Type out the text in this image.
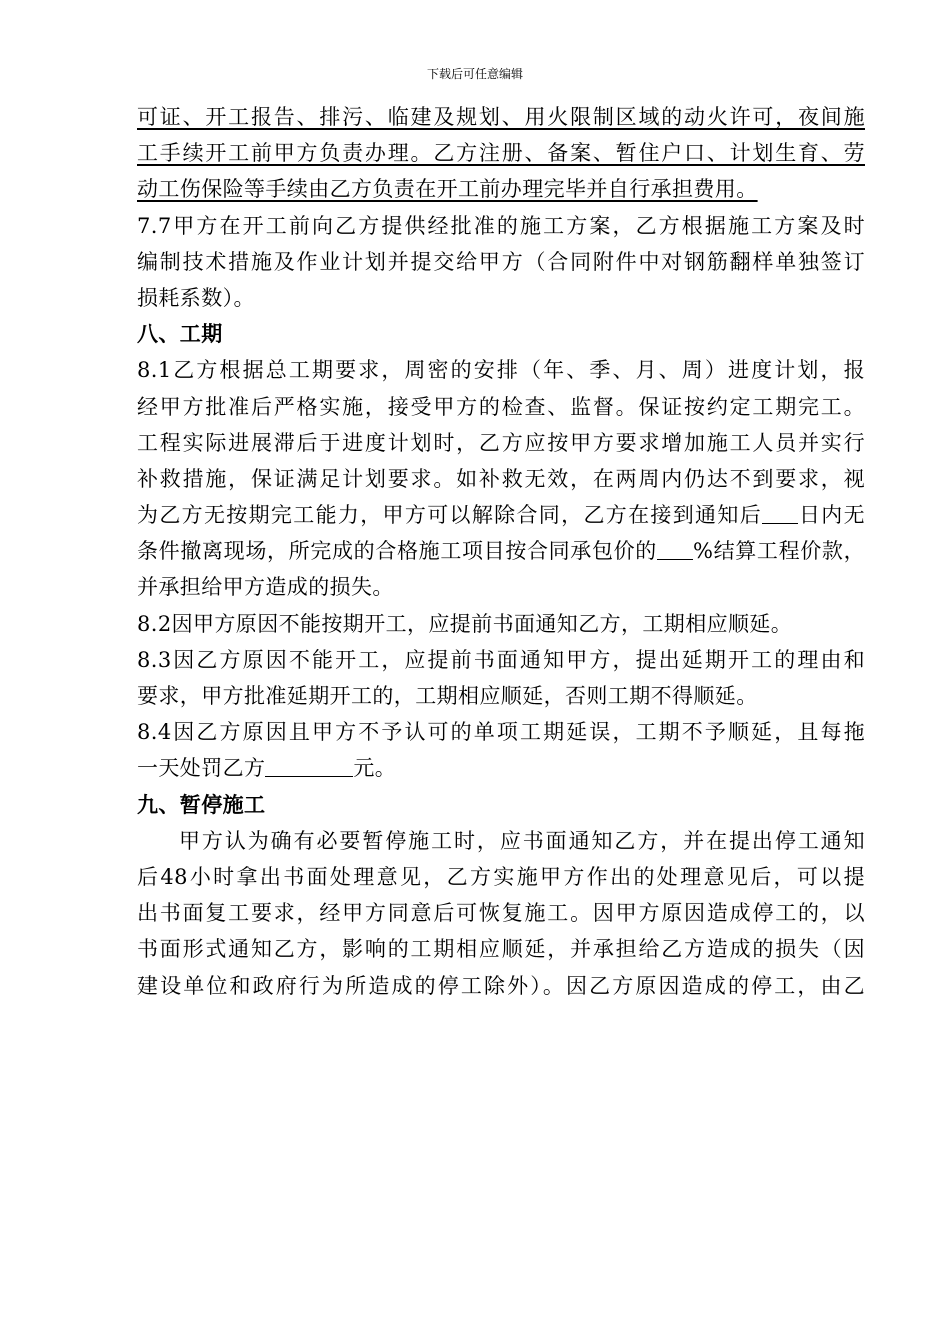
下载后可任意编辑
可证、开工报告、排污、临建及规划、用火限制区域的动火许可，夜间施
工手续开工前甲方负责办理。乙方注册、备案、暂住户口、计划生育、劳
动工伤保险等手续由乙方负责在开工前办理完毕并自行承担费用。
7.7甲方在开工前向乙方提供经批准的施工方案，乙方根据施工方案及时
编制技术措施及作业计划并提交给甲方（合同附件中对钢筋翻样单独签订
损耗系数）。
八、工期
8.1乙方根据总工期要求，周密的安排（年、季、月、周）进度计划，报
经甲方批准后严格实施，接受甲方的检查、监督。保证按约定工期完工。
工程实际进展滞后于进度计划时，乙方应按甲方要求增加施工人员并实行
补救措施，保证满足计划要求。如补救无效，在两周内仍达不到要求，视
为乙方无按期完工能力，甲方可以解除合同，乙方在接到通知后 日内无
条件撤离现场，所完成的合格施工项目按合同承包价的 %结算工程价款，
并承担给甲方造成的损失。
8.2因甲方原因不能按期开工，应提前书面通知乙方，工期相应顺延。
8.3因乙方原因不能开工，应提前书面通知甲方，提出延期开工的理由和
要求，甲方批准延期开工的，工期相应顺延，否则工期不得顺延。
8.4因乙方原因且甲方不予认可的单项工期延误，工期不予顺延，且每拖
一天处罚乙方	元。
九、暂停施工
甲方认为确有必要暂停施工时，应书面通知乙方，并在提出停工通知
后48小时拿出书面处理意见，乙方实施甲方作出的处理意见后，可以提
出书面复工要求，经甲方同意后可恢复施工。因甲方原因造成停工的，以
书面形式通知乙方，影响的工期相应顺延，并承担给乙方造成的损失（因
建设单位和政府行为所造成的停工除外）。因乙方原因造成的停工，由乙
